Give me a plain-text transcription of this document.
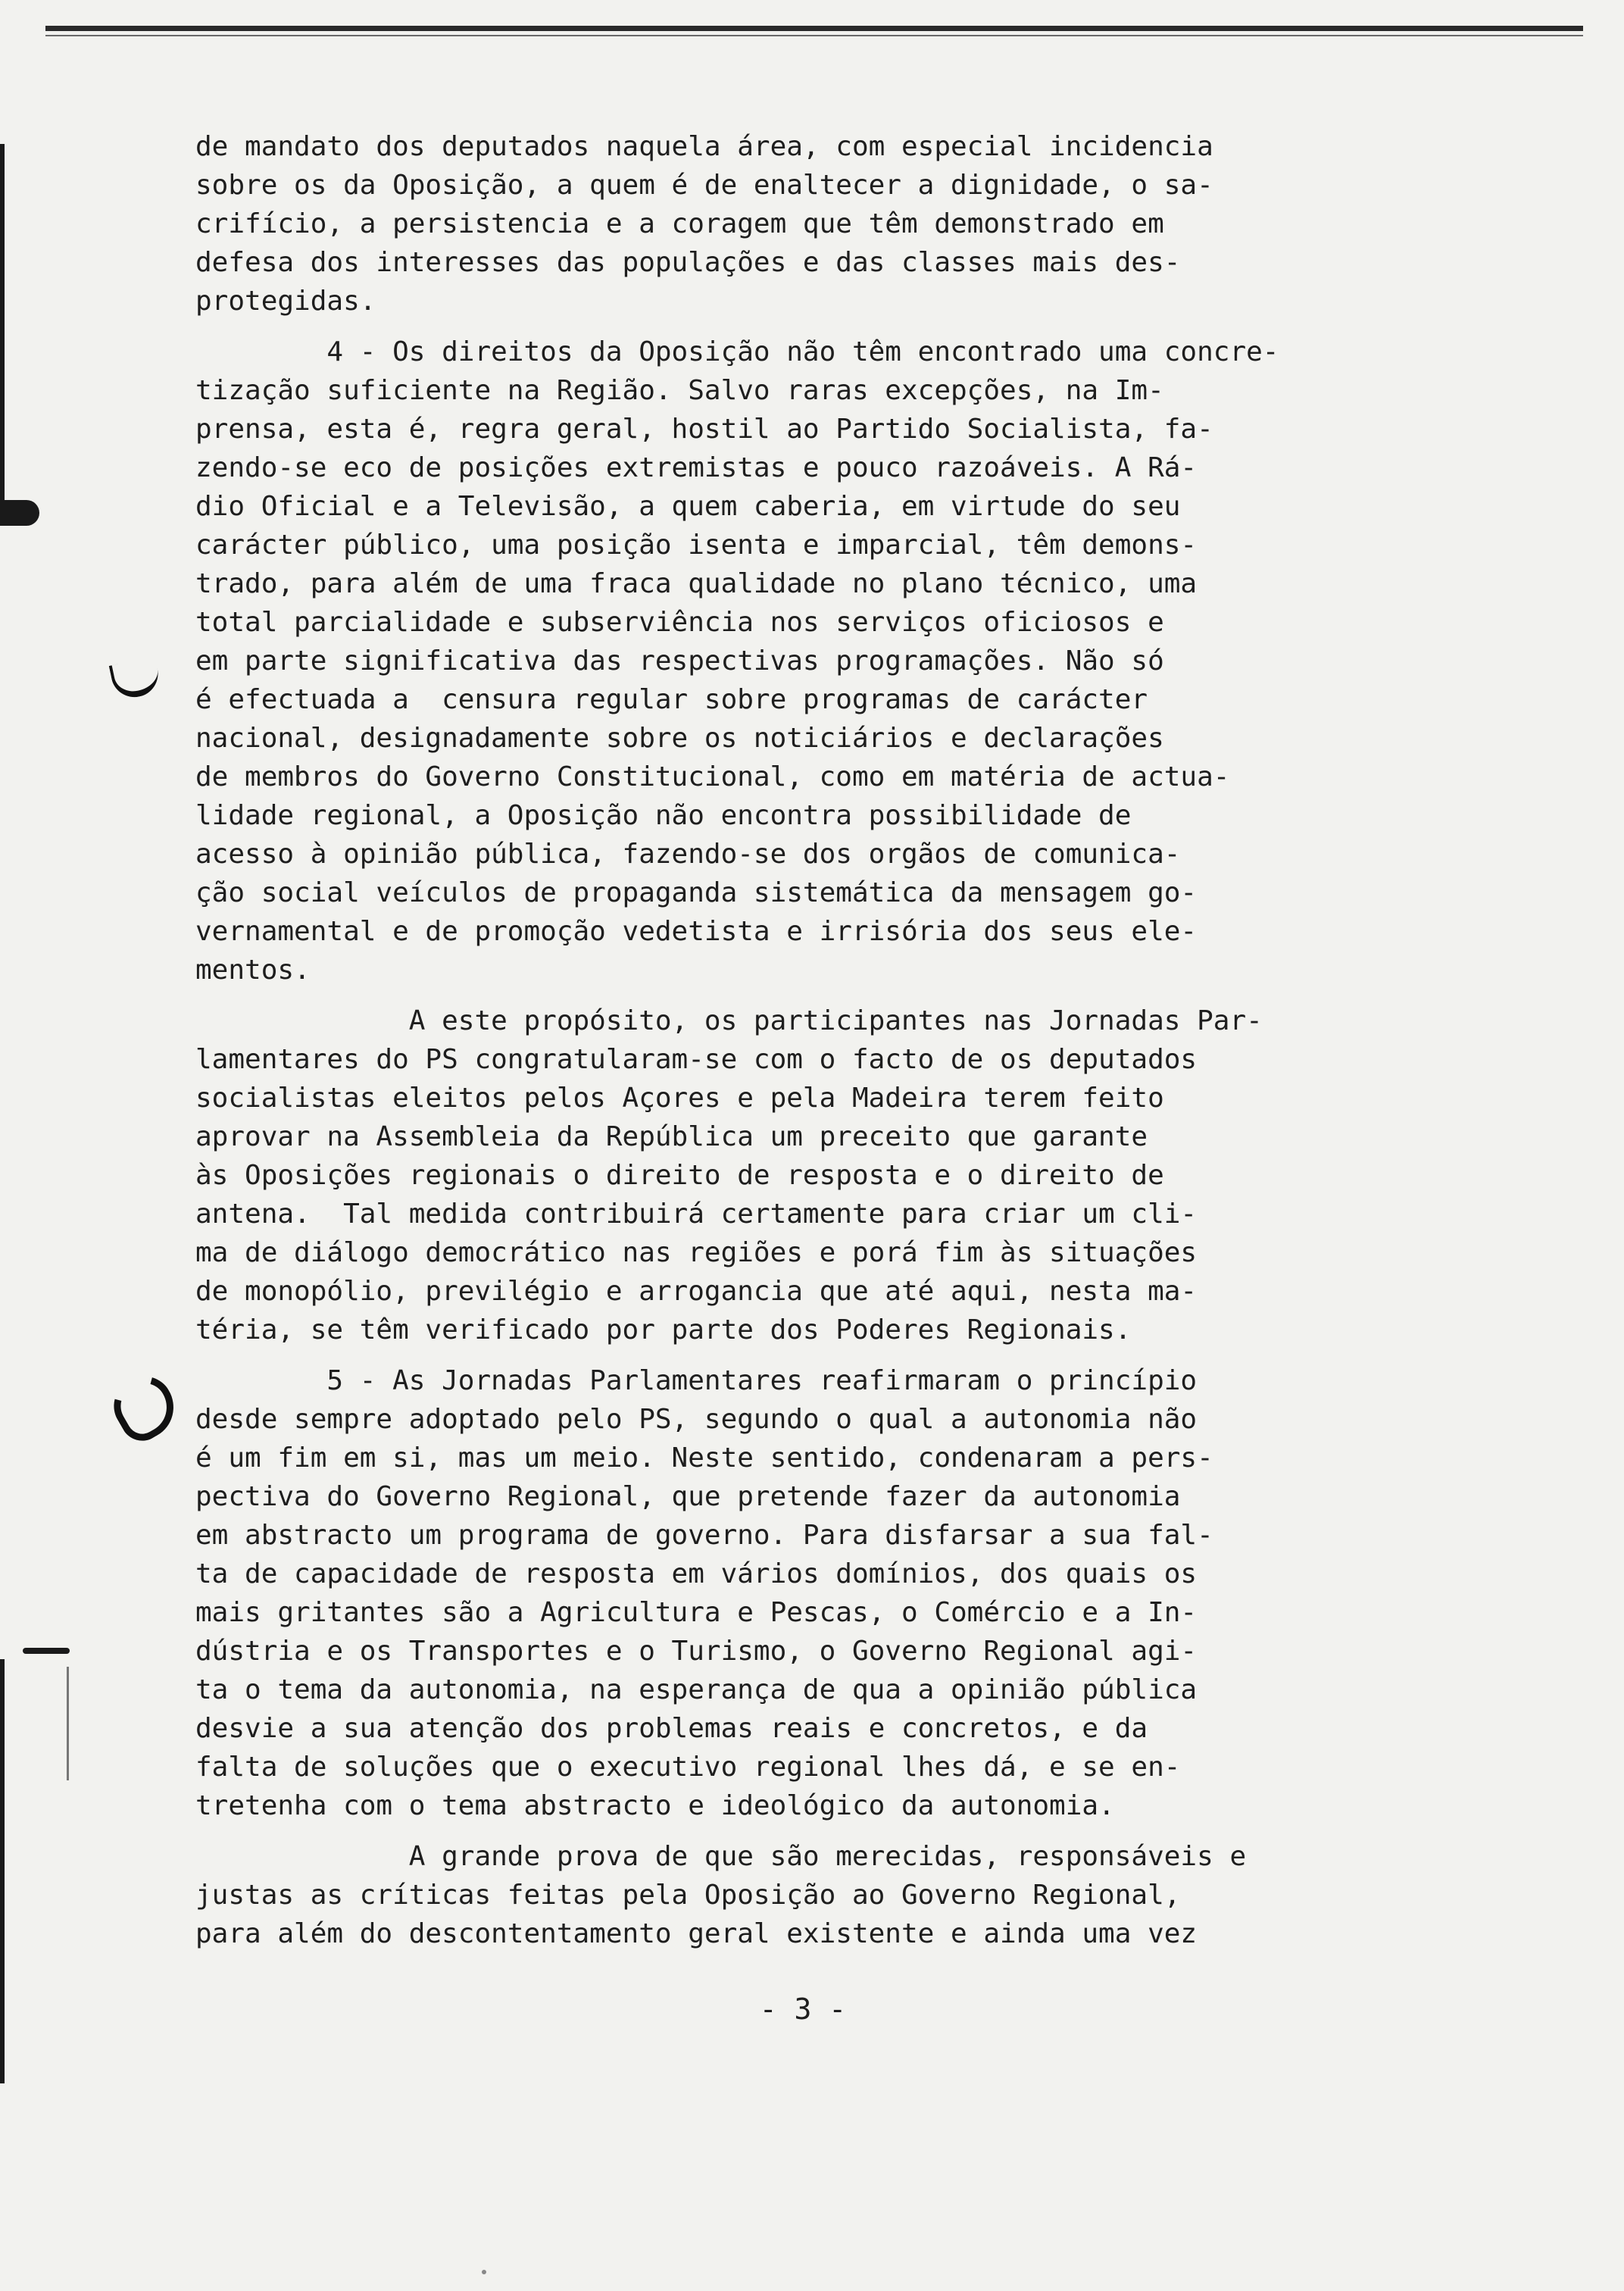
de mandato dos deputados naquela área, com especial incidencia
sobre os da Oposição, a quem é de enaltecer a dignidade, o sa-
crifício, a persistencia e a coragem que têm demonstrado em
defesa dos interesses das populações e das classes mais des-
protegidas.

4 - Os direitos da Oposição não têm encontrado uma concre-
tização suficiente na Região. Salvo raras excepções, na Im-
prensa, esta é, regra geral, hostil ao Partido Socialista, fa-
zendo-se eco de posições extremistas e pouco razoáveis. A Rá-
dio Oficial e a Televisão, a quem caberia, em virtude do seu
carácter público, uma posição isenta e imparcial, têm demons-
trado, para além de uma fraca qualidade no plano técnico, uma
total parcialidade e subserviência nos serviços oficiosos e
em parte significativa das respectivas programações. Não só
é efectuada a  censura regular sobre programas de carácter
nacional, designadamente sobre os noticiários e declarações
de membros do Governo Constitucional, como em matéria de actua-
lidade regional, a Oposição não encontra possibilidade de
acesso à opinião pública, fazendo-se dos orgãos de comunica-
ção social veículos de propaganda sistemática da mensagem go-
vernamental e de promoção vedetista e irrisória dos seus ele-
mentos.

A este propósito, os participantes nas Jornadas Par-
lamentares do PS congratularam-se com o facto de os deputados
socialistas eleitos pelos Açores e pela Madeira terem feito
aprovar na Assembleia da República um preceito que garante
às Oposições regionais o direito de resposta e o direito de
antena.  Tal medida contribuirá certamente para criar um cli-
ma de diálogo democrático nas regiões e porá fim às situações
de monopólio, previlégio e arrogancia que até aqui, nesta ma-
téria, se têm verificado por parte dos Poderes Regionais.

5 - As Jornadas Parlamentares reafirmaram o princípio
desde sempre adoptado pelo PS, segundo o qual a autonomia não
é um fim em si, mas um meio. Neste sentido, condenaram a pers-
pectiva do Governo Regional, que pretende fazer da autonomia
em abstracto um programa de governo. Para disfarsar a sua fal-
ta de capacidade de resposta em vários domínios, dos quais os
mais gritantes são a Agricultura e Pescas, o Comércio e a In-
dústria e os Transportes e o Turismo, o Governo Regional agi-
ta o tema da autonomia, na esperança de qua a opinião pública
desvie a sua atenção dos problemas reais e concretos, e da
falta de soluções que o executivo regional lhes dá, e se en-
tretenha com o tema abstracto e ideológico da autonomia.

A grande prova de que são merecidas, responsáveis e
justas as críticas feitas pela Oposição ao Governo Regional,
para além do descontentamento geral existente e ainda uma vez

- 3 -
